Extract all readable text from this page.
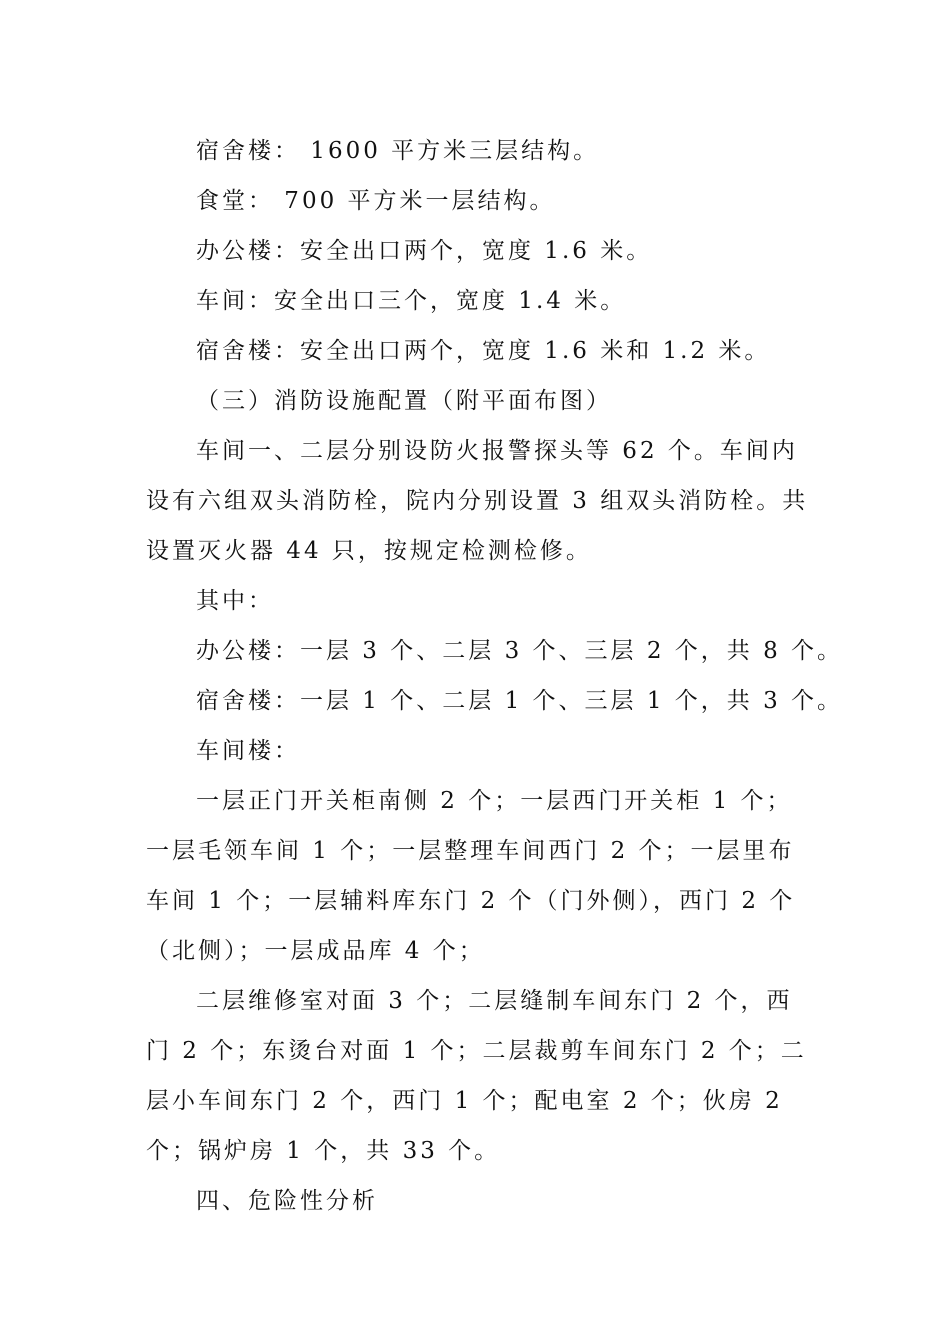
宿舍楼： 1600 平方米三层结构。

食堂： 700 平方米一层结构。

办公楼：安全出口两个，宽度 1.6 米。

车间：安全出口三个，宽度 1.4 米。

宿舍楼：安全出口两个，宽度 1.6 米和 1.2 米。

（三）消防设施配置（附平面布图）

车间一、二层分别设防火报警探头等 62 个。车间内设有六组双头消防栓，院内分别设置 3 组双头消防栓。共设置灭火器 44 只，按规定检测检修。

其中：

办公楼：一层 3 个、二层 3 个、三层 2 个，共 8 个。

宿舍楼：一层 1 个、二层 1 个、三层 1 个，共 3 个。

车间楼：

一层正门开关柜南侧 2 个；一层西门开关柜 1 个；一层毛领车间 1 个；一层整理车间西门 2 个；一层里布车间 1 个；一层辅料库东门 2 个（门外侧），西门 2 个（北侧）；一层成品库 4 个；

二层维修室对面 3 个；二层缝制车间东门 2 个，西门 2 个；东烫台对面 1 个；二层裁剪车间东门 2 个；二层小车间东门 2 个，西门 1 个；配电室 2 个；伙房 2 个；锅炉房 1 个，共 33 个。

四、危险性分析
